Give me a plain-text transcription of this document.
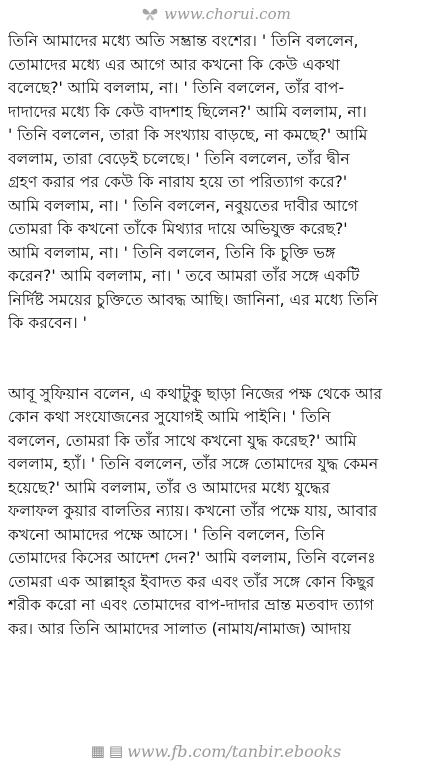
www.chorui.com
তিনি আমাদের মধ্যে অতি সম্ভ্রান্ত বংশের। ' তিনি বললেন,
তোমাদের মধ্যে এর আগে আর কখনো কি কেউ একথা
বলেছে?' আমি বললাম, না। ' তিনি বললেন, তাঁর বাপ-
দাদাদের মধ্যে কি কেউ বাদশাহ ছিলেন?' আমি বললাম, না।
' তিনি বললেন, তারা কি সংখ্যায় বাড়ছে, না কমছে?' আমি
বললাম, তারা বেড়েই চলেছে। ' তিনি বললেন, তাঁর দ্বীন
গ্রহণ করার পর কেউ কি নারায হয়ে তা পরিত্যাগ করে?'
আমি বললাম, না। ' তিনি বললেন, নবুয়তের দাবীর আগে
তোমরা কি কখনো তাঁকে মিথ্যার দায়ে অভিযুক্ত করেছ?'
আমি বললাম, না। ' তিনি বললেন, তিনি কি চুক্তি ভঙ্গ
করেন?' আমি বললাম, না। ' তবে আমরা তাঁর সঙ্গে একটি
নির্দিষ্ট সময়ের চুক্তিতে আবদ্ধ আছি। জানিনা, এর মধ্যে তিনি
কি করবেন। '
আবূ সুফিয়ান বলেন, এ কথাটুকু ছাড়া নিজের পক্ষ থেকে আর
কোন কথা সংযোজনের সুযোগই আমি পাইনি। ' তিনি
বললেন, তোমরা কি তাঁর সাথে কখনো যুদ্ধ করেছ?' আমি
বললাম, হ্যাঁ। ' তিনি বললেন, তাঁর সঙ্গে তোমাদের যুদ্ধ কেমন
হয়েছে?' আমি বললাম, তাঁর ও আমাদের মধ্যে যুদ্ধের
ফলাফল কুয়ার বালতির ন্যায়। কখনো তাঁর পক্ষে যায়, আবার
কখনো আমাদের পক্ষে আসে। ' তিনি বললেন, তিনি
তোমাদের কিসের আদেশ দেন?' আমি বললাম, তিনি বলেনঃ
তোমরা এক আল্লাহ্‌র ইবাদত কর এবং তাঁর সঙ্গে কোন কিছুর
শরীক করো না এবং তোমাদের বাপ-দাদার ভ্রান্ত মতবাদ ত্যাগ
কর। আর তিনি আমাদের সালাত (নামায/নামাজ) আদায়
▦ ▤ www.fb.com/tanbir.ebooks
